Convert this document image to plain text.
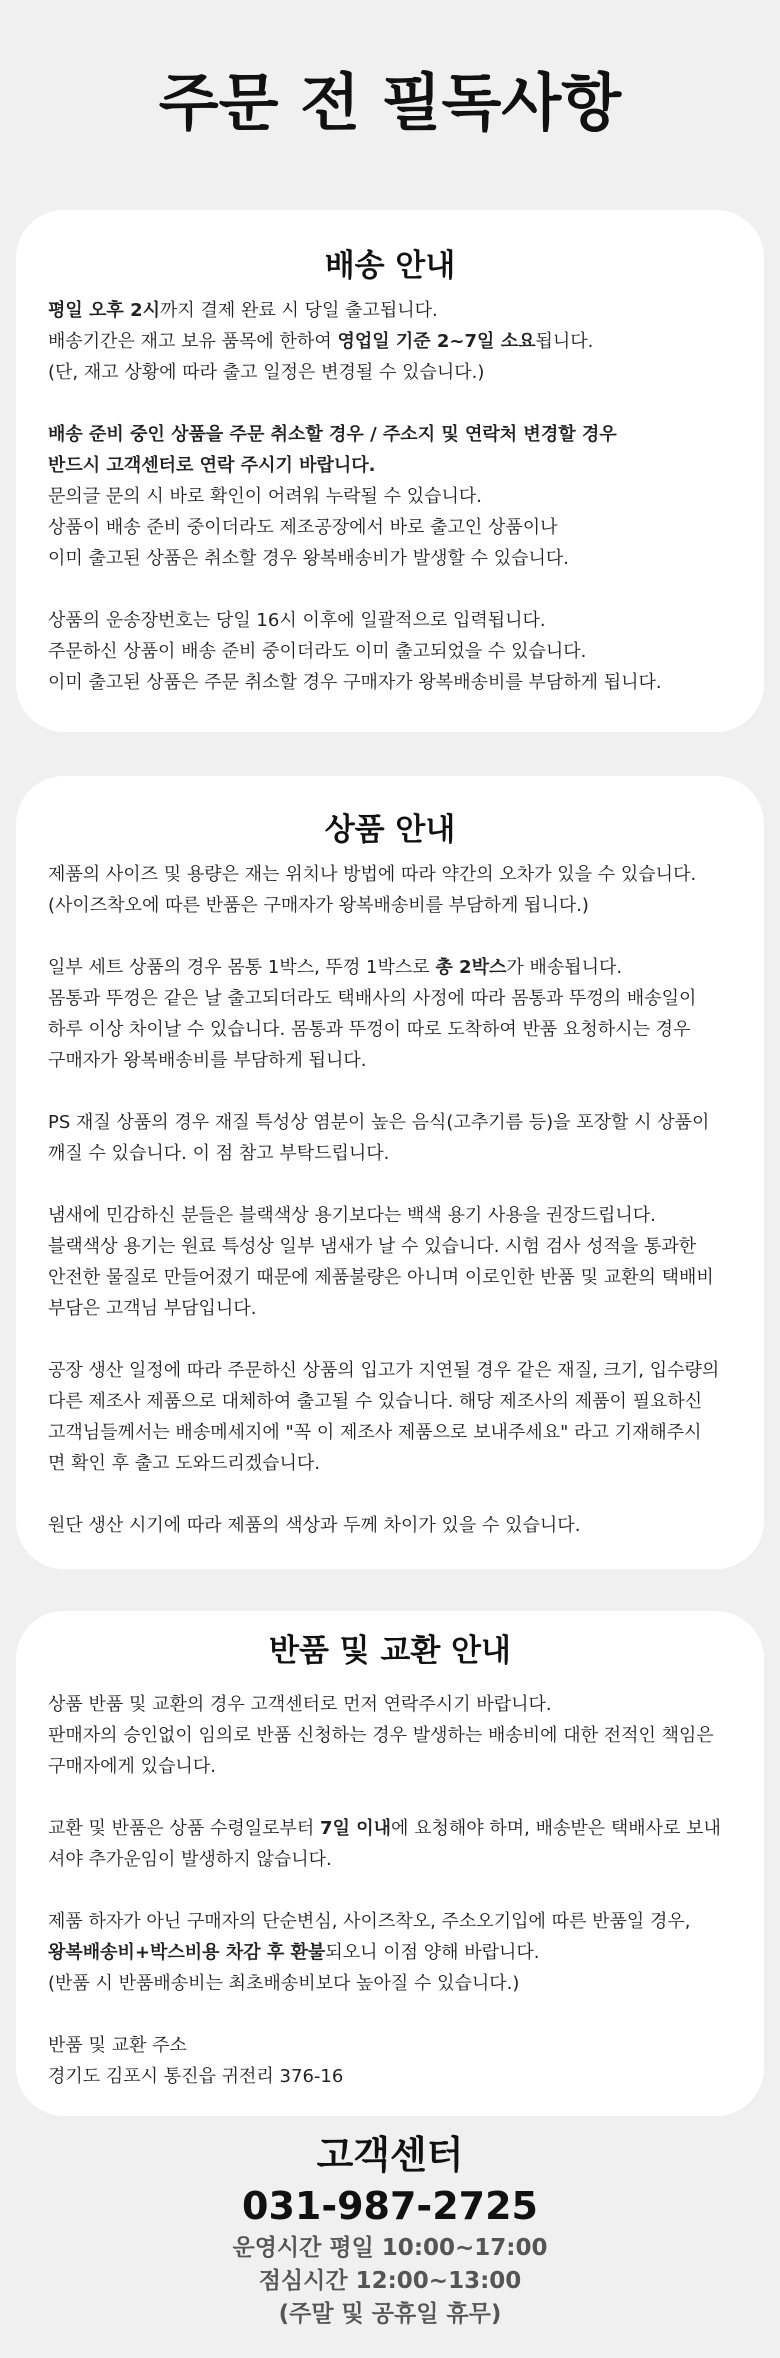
주문 전 필독사항
배송 안내
평일 오후 2시까지 결제 완료 시 당일 출고됩니다.
배송기간은 재고 보유 품목에 한하여 영업일 기준 2~7일 소요됩니다.
(단, 재고 상황에 따라 출고 일정은 변경될 수 있습니다.)
배송 준비 중인 상품을 주문 취소할 경우 / 주소지 및 연락처 변경할 경우
반드시 고객센터로 연락 주시기 바랍니다.
문의글 문의 시 바로 확인이 어려워 누락될 수 있습니다.
상품이 배송 준비 중이더라도 제조공장에서 바로 출고인 상품이나
이미 출고된 상품은 취소할 경우 왕복배송비가 발생할 수 있습니다.
상품의 운송장번호는 당일 16시 이후에 일괄적으로 입력됩니다.
주문하신 상품이 배송 준비 중이더라도 이미 출고되었을 수 있습니다.
이미 출고된 상품은 주문 취소할 경우 구매자가 왕복배송비를 부담하게 됩니다.
상품 안내
제품의 사이즈 및 용량은 재는 위치나 방법에 따라 약간의 오차가 있을 수 있습니다.
(사이즈착오에 따른 반품은 구매자가 왕복배송비를 부담하게 됩니다.)
일부 세트 상품의 경우 몸통 1박스, 뚜껑 1박스로 총 2박스가 배송됩니다.
몸통과 뚜껑은 같은 날 출고되더라도 택배사의 사정에 따라 몸통과 뚜껑의 배송일이
하루 이상 차이날 수 있습니다. 몸통과 뚜껑이 따로 도착하여 반품 요청하시는 경우
구매자가 왕복배송비를 부담하게 됩니다.
PS 재질 상품의 경우 재질 특성상 염분이 높은 음식(고추기름 등)을 포장할 시 상품이
깨질 수 있습니다. 이 점 참고 부탁드립니다.
냄새에 민감하신 분들은 블랙색상 용기보다는 백색 용기 사용을 권장드립니다.
블랙색상 용기는 원료 특성상 일부 냄새가 날 수 있습니다. 시험 검사 성적을 통과한
안전한 물질로 만들어졌기 때문에 제품불량은 아니며 이로인한 반품 및 교환의 택배비
부담은 고객님 부담입니다.
공장 생산 일정에 따라 주문하신 상품의 입고가 지연될 경우 같은 재질, 크기, 입수량의
다른 제조사 제품으로 대체하여 출고될 수 있습니다. 해당 제조사의 제품이 필요하신
고객님들께서는 배송메세지에 "꼭 이 제조사 제품으로 보내주세요" 라고 기재해주시
면 확인 후 출고 도와드리겠습니다.
원단 생산 시기에 따라 제품의 색상과 두께 차이가 있을 수 있습니다.
반품 및 교환 안내
상품 반품 및 교환의 경우 고객센터로 먼저 연락주시기 바랍니다.
판매자의 승인없이 임의로 반품 신청하는 경우 발생하는 배송비에 대한 전적인 책임은
구매자에게 있습니다.
교환 및 반품은 상품 수령일로부터 7일 이내에 요청해야 하며, 배송받은 택배사로 보내
셔야 추가운임이 발생하지 않습니다.
제품 하자가 아닌 구매자의 단순변심, 사이즈착오, 주소오기입에 따른 반품일 경우,
왕복배송비+박스비용 차감 후 환불되오니 이점 양해 바랍니다.
(반품 시 반품배송비는 최초배송비보다 높아질 수 있습니다.)
반품 및 교환 주소
경기도 김포시 통진읍 귀전리 376-16
고객센터
031-987-2725
운영시간 평일 10:00~17:00
점심시간 12:00~13:00
(주말 및 공휴일 휴무)
